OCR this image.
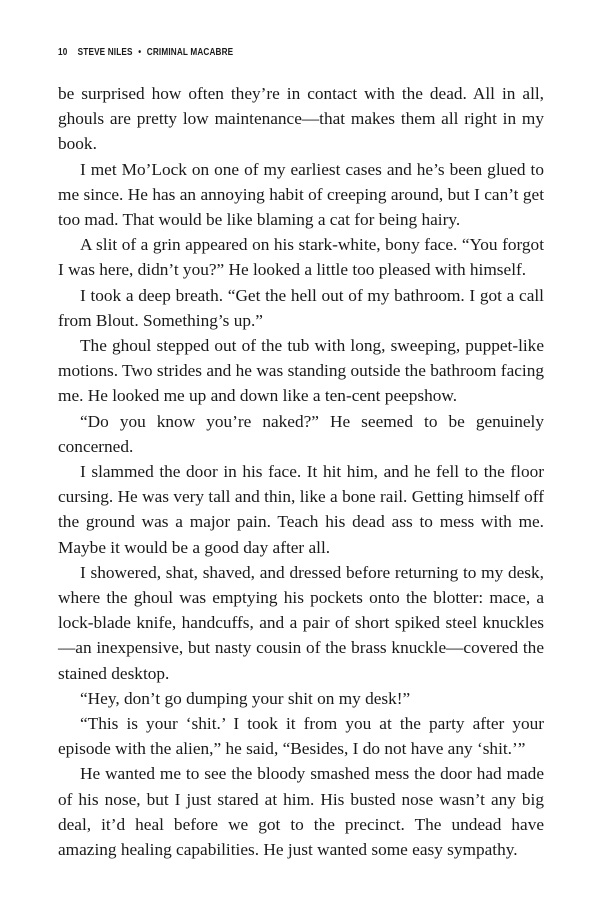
10 STEVE NILES • CRIMINAL MACABRE

be surprised how often they’re in contact with the dead. All in all, ghouls are pretty low maintenance—that makes them all right in my book.

I met Mo’Lock on one of my earliest cases and he’s been glued to me since. He has an annoying habit of creeping around, but I can’t get too mad. That would be like blaming a cat for being hairy.

A slit of a grin appeared on his stark-white, bony face. “You forgot I was here, didn’t you?” He looked a little too pleased with himself.

I took a deep breath. “Get the hell out of my bathroom. I got a call from Blout. Something’s up.”

The ghoul stepped out of the tub with long, sweeping, puppet-like motions. Two strides and he was standing outside the bathroom facing me. He looked me up and down like a ten-cent peepshow.

“Do you know you’re naked?” He seemed to be genuinely concerned.

I slammed the door in his face. It hit him, and he fell to the floor cursing. He was very tall and thin, like a bone rail. Getting himself off the ground was a major pain. Teach his dead ass to mess with me. Maybe it would be a good day after all.

I showered, shat, shaved, and dressed before returning to my desk, where the ghoul was emptying his pockets onto the blotter: mace, a lock-blade knife, handcuffs, and a pair of short spiked steel knuckles—an inexpensive, but nasty cousin of the brass knuckle—covered the stained desktop.

“Hey, don’t go dumping your shit on my desk!”

“This is your ‘shit.’ I took it from you at the party after your episode with the alien,” he said, “Besides, I do not have any ‘shit.’”

He wanted me to see the bloody smashed mess the door had made of his nose, but I just stared at him. His busted nose wasn’t any big deal, it’d heal before we got to the precinct. The undead have amazing healing capabilities. He just wanted some easy sympathy.
